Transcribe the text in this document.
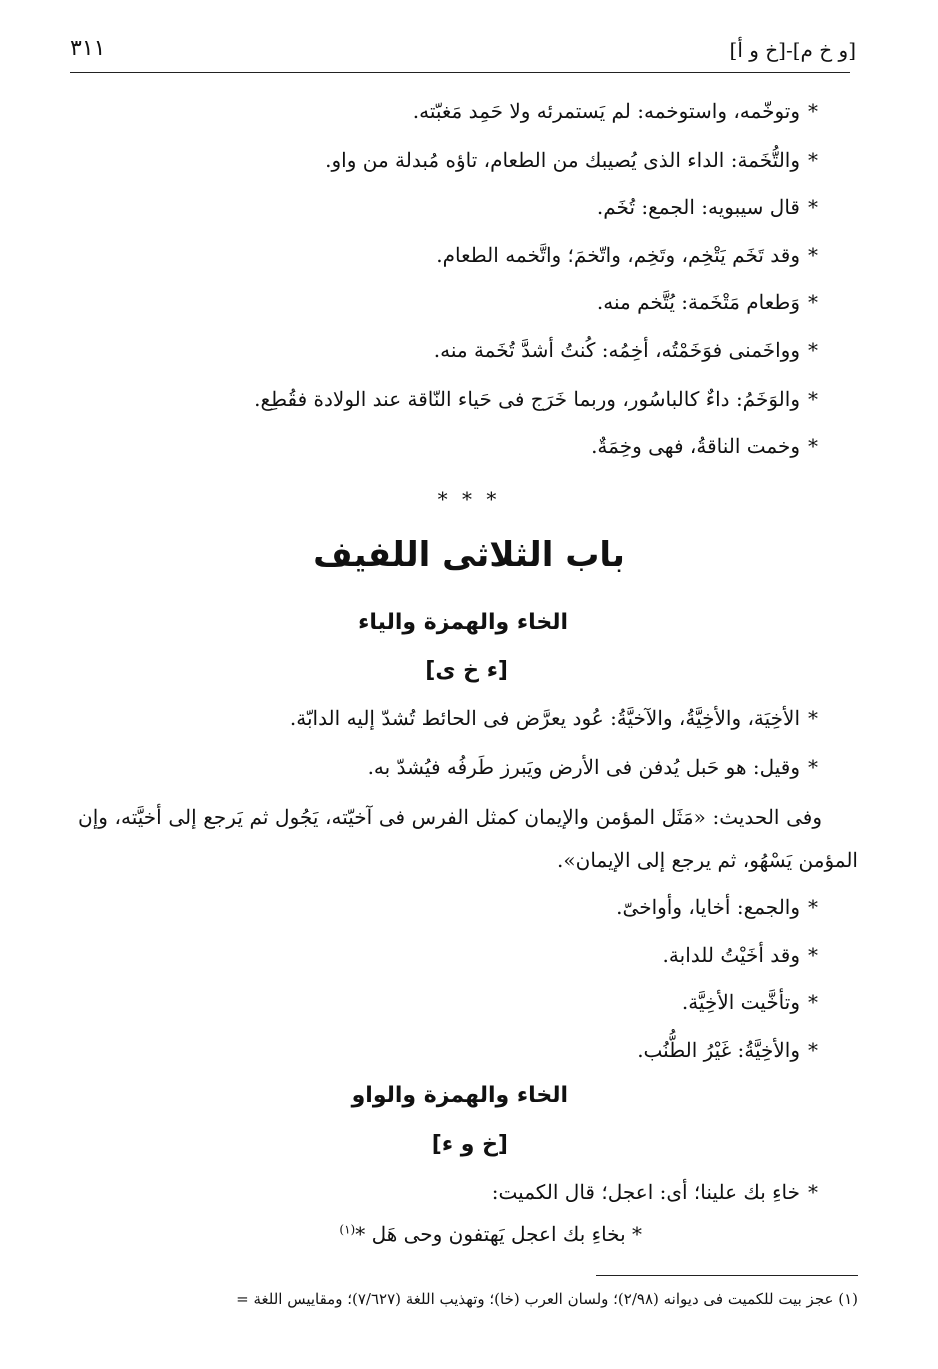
[و خ م]-[خ و أ]
٣١١
*وتوخّمه، واستوخمه: لم يَستمرئه ولا حَمِد مَغبّته.
*والتُّخَمة: الداء الذى يُصيبك من الطعام، تاؤه مُبدلة من واو.
*قال سيبويه: الجمع: تُخَم.
*وقد تَخَم يَتْخِم، وتَخِم، واتّخمَ؛ واتَّخمه الطعام.
*وَطعام مَتْخَمة: يُتَّخم منه.
*وواخَمنى فوَخَمْتُه، أخِمُه: كُنتُ أشدَّ تُخَمة منه.
*والوَخَمُ: داءٌ كالباسُور، وربما خَرَج فى حَياء النّاقة عند الولادة فقُطِع.
*وخمت الناقةُ، فهى وخِمَةٌ.
* * *
باب الثلاثى اللفيف
الخاء والهمزة والياء
[ء خ ى]
*الأخِيَة، والأخِيَّةُ، والآخيَّةُ: عُود يعرَّض فى الحائط تُشدّ إليه الدابّة.
*وقيل: هو حَبل يُدفن فى الأرض ويَبرز طَرفُه فيُشدّ به.
وفى الحديث: «مَثَل المؤمن والإيمان كمثل الفرس فى آخيّته، يَجُول ثم يَرجع إلى أخيَّته، وإن المؤمن يَسْهُو، ثم يرجع إلى الإيمان».
*والجمع: أخايا، وأواخىّ.
*وقد أخَيْتُ للدابة.
*وتأخَّيت الأخِيَّة.
*والأخِيَّةُ: غَيْرُ الطُّنُب.
الخاء والهمزة والواو
[خ و ء]
*خاءِ بك علينا؛ أى: اعجل؛ قال الكميت:
* بخاءِ بك اعجل يَهتفون وحى هَل *$^{(١)}$
(١) عجز بيت للكميت فى ديوانه (٢/٩٨)؛ ولسان العرب (خا)؛ وتهذيب اللغة (٧/٦٢٧)؛ ومقاييس اللغة =
